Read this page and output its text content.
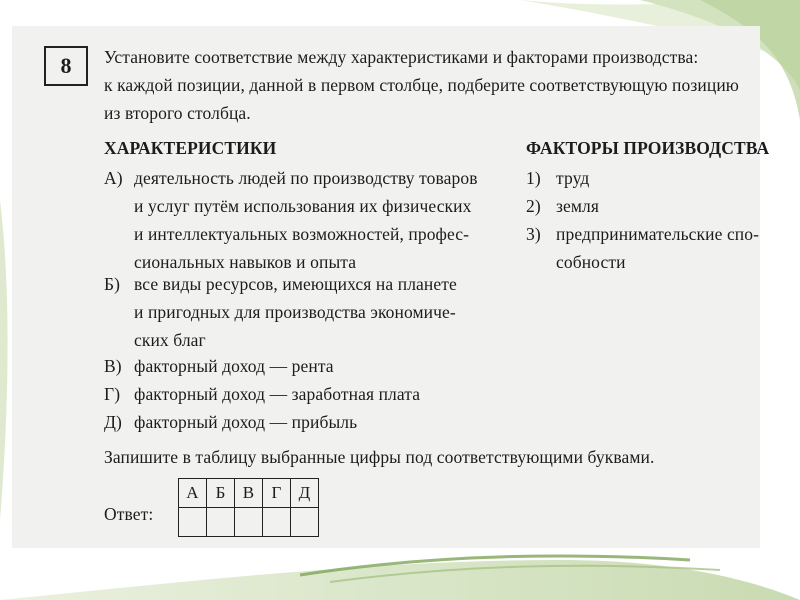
8 Установите соответствие между характеристиками и факторами производства:
к каждой позиции, данной в первом столбце, подберите соответствующую позицию
из второго столбца.
ХАРАКТЕРИСТИКИ	ФАКТОРЫ ПРОИЗВОДСТВА
А) деятельность людей по производству товаров
и услуг путём использования их физических
и интеллектуальных возможностей, профес-
сиональных навыков и опыта
Б) все виды ресурсов, имеющихся на планете
и пригодных для производства экономиче-
ских благ
В) факторный доход — рента
Г) факторный доход — заработная плата
Д) факторный доход — прибыль
1) труд
2) земля
3) предпринимательские спо-
собности
Запишите в таблицу выбранные цифры под соответствующими буквами.
Ответ:
А	Б	В	Г	Д
